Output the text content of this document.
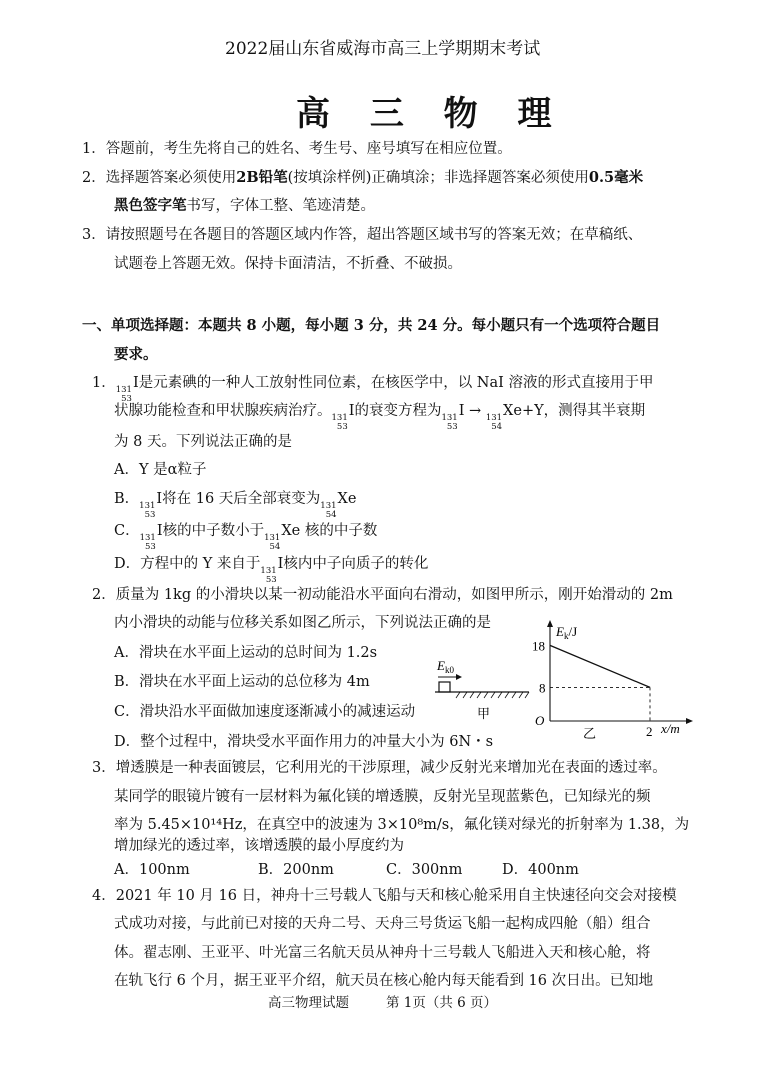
2022届山东省威海市高三上学期期末考试
高 三 物 理
1．答题前，考生先将自己的姓名、考生号、座号填写在相应位置。
2．选择题答案必须使用2B铅笔(按填涂样例)正确填涂；非选择题答案必须使用0.5毫米
黑色签字笔书写，字体工整、笔迹清楚。
3．请按照题号在各题目的答题区域内作答，超出答题区域书写的答案无效；在草稿纸、
试题卷上答题无效。保持卡面清洁，不折叠、不破损。
一、单项选择题：本题共 8 小题，每小题 3 分，共 24 分。每小题只有一个选项符合题目
要求。
1． 131
53
I是元素碘的一种人工放射性同位素，在核医学中，以 NaI 溶液的形式直接用于甲
状腺功能检查和甲状腺疾病治疗。 131
53
I的衰变方程为 131
53
I → 131
54
Xe+Y，测得其半衰期
为 8 天。下列说法正确的是
A．Y 是α粒子
B． 131
53
I将在 16 天后全部衰变为 131
54
Xe
C． 131
53
I核的中子数小于 131
54
Xe 核的中子数
D．方程中的 Y 来自于 131
53
I核内中子向质子的转化
2．质量为 1kg 的小滑块以某一初动能沿水平面向右滑动，如图甲所示，刚开始滑动的 2m
内小滑块的动能与位移关系如图乙所示，下列说法正确的是
A．滑块在水平面上运动的总时间为 1.2s
B．滑块在水平面上运动的总位移为 4m
C．滑块沿水平面做加速度逐渐减小的减速运动
D．整个过程中，滑块受水平面作用力的冲量大小为 6N・s
$E_{k0}$
甲
$E_k/J$
x/m
O
乙
18
8
2
3．增透膜是一种表面镀层，它利用光的干涉原理，减少反射光来增加光在表面的透过率。
某同学的眼镜片镀有一层材料为氟化镁的增透膜，反射光呈现蓝紫色，已知绿光的频
率为 5.45×10¹⁴Hz，在真空中的波速为 3×10⁸m/s，氟化镁对绿光的折射率为 1.38，为
增加绿光的透过率，该增透膜的最小厚度约为
A．100nm	B．200nm	C．300nm	D．400nm
4．2021 年 10 月 16 日，神舟十三号载人飞船与天和核心舱采用自主快速径向交会对接模
式成功对接，与此前已对接的天舟二号、天舟三号货运飞船一起构成四舱（船）组合
体。翟志刚、王亚平、叶光富三名航天员从神舟十三号载人飞船进入天和核心舱，将
在轨飞行 6 个月，据王亚平介绍，航天员在核心舱内每天能看到 16 次日出。已知地
高三物理试题	第 1页（共 6 页）
